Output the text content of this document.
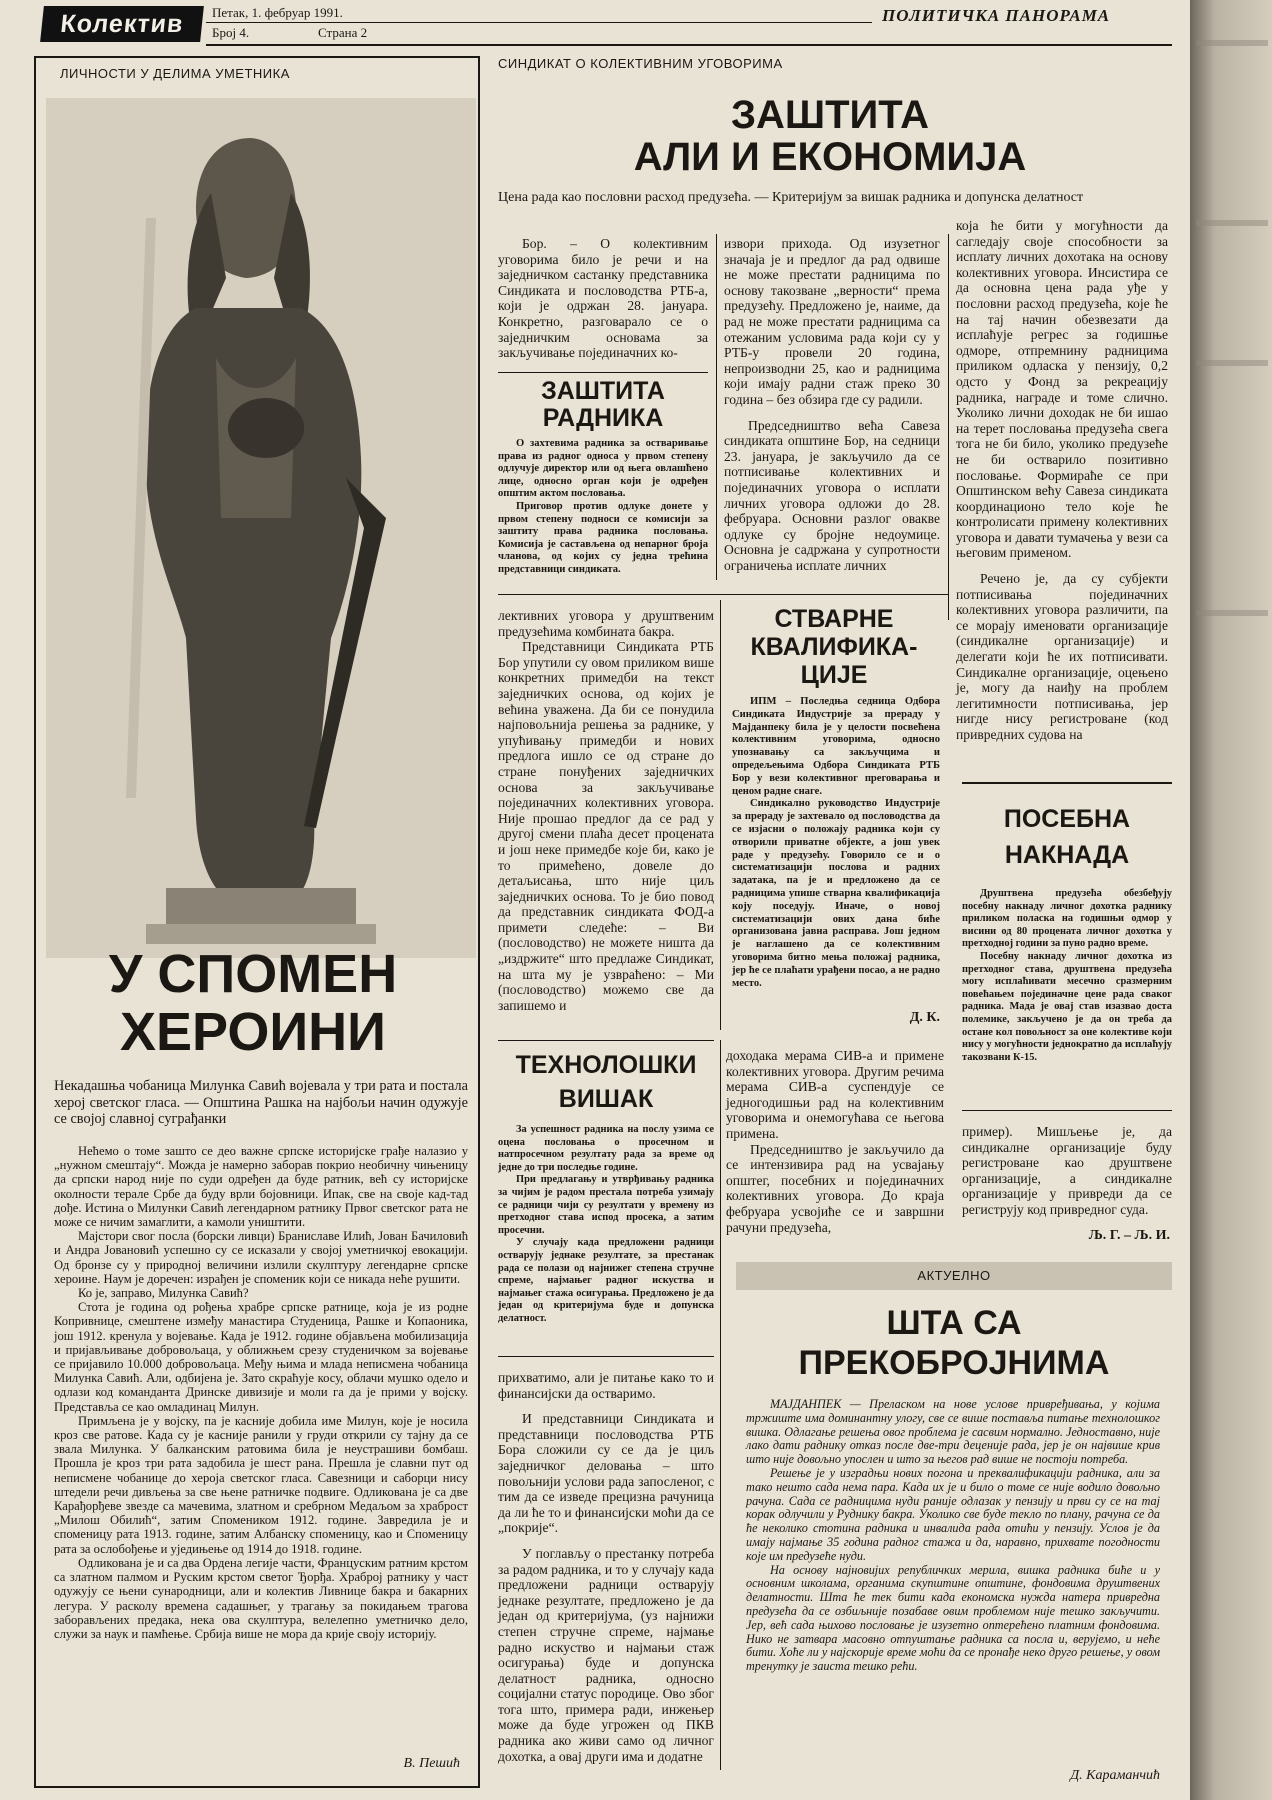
Колектив	Петак, 1. фебруар 1991.
Број 4.	Страна 2
ПОЛИТИЧКА ПАНОРАМА
ЛИЧНОСТИ У ДЕЛИМА УМЕТНИКА
У СПОМЕН
ХЕРОИНИ
Некадашња чобаница Милунка Савић војевала у три рата и постала херој светског гласа. — Општина Рашка на најбољи начин одужује се својој славној суграђанки

Нећемо о томе зашто се део важне српске историјске грађе налазио у „нужном смештају“. Можда је намерно заборав покрио необичну чињеницу да српски народ није по суди одређен да буде ратник, већ су историјске околности терале Србе да буду врли бојовници. Ипак, све на своје кад-тад дође. Истина о Милунки Савић легендарном ратнику Првог светског рата не може се ничим замаглити, а камоли уништити.

Мајстори свог посла (борски ливци) Браниславе Илић, Јован Бачиловић и Андра Јовановић успешно су се исказали у својој уметничкој евокацији. Од бронзе су у природној величини излили скулптуру легендарне српске хероине. Наум је доречен: израђен је споменик који се никада неће рушити.

Ко је, заправо, Милунка Савић?

Стота је година од рођења храбре српске ратнице, која је из родне Копривнице, смештене између манастира Студеница, Рашке и Копаоника, још 1912. кренула у војевање. Када је 1912. године објављена мобилизација и пријављивање добровољаца, у оближњем срезу студеничком за војевање се пријавило 10.000 добровољаца. Међу њима и млада неписмена чобаница Милунка Савић. Али, одбијена је. Зато скраћује косу, облачи мушко одело и одлази код команданта Дринске дивизије и моли га да је прими у војску. Представља се као омладинац Милун.

Примљена је у војску, па је касније добила име Милун, које је носила кроз све ратове. Када су је касније ранили у груди открили су тајну да се звала Милунка. У балканским ратовима била је неустрашиви бомбаш. Прошла је кроз три рата задобила је шест рана. Прешла је славни пут од неписмене чобанице до хероја светског гласа. Савезници и саборци нису штедели речи дивљења за све њене ратничке подвиге. Одликована је са две Карађорђеве звезде са мачевима, златном и сребрном Медаљом за храброст „Милош Обилић“, затим Спомеником 1912. године. Завредила је и споменицу рата 1913. године, затим Албанску споменицу, као и Споменицу рата за ослобођење и уједињење од 1914 до 1918. године.

Одликована је и са два Ордена легије части, Француским ратним крстом са златном палмом и Руским крстом светог Ђорђа. Храброј ратнику у част одужују се њени сународници, али и колектив Ливнице бакра и бакарних легура. У расколу времена садашњег, у трагању за покидањем трагова заборављених предака, нека ова скулптура, велелепно уметничко дело, служи за наук и памћење. Србија више не мора да крије своју историју.

В. Пешић
СИНДИКАТ О КОЛЕКТИВНИМ УГОВОРИМА
ЗАШТИТА
АЛИ И ЕКОНОМИЈА
Цена рада као пословни расход предузећа. — Критеријум за вишак радника и допунска делатност

Бор. – О колективним уговорима било је речи и на заједничком састанку представника Синдиката и пословодства РТБ-а, који је одржан 28. јануара. Конкретно, разговарало се о заједничким основама за закључивање појединачних ко-

ЗАШТИТА
РАДНИКА

О захтевима радника за остваривање права из радног односа у првом степену одлучује директор или од њега овлашћено лице, односно орган који је одређен општим актом пословања.

Приговор против одлуке донете у првом степену подноси се комисији за заштиту права радника пословања. Комисија је састављена од непарног броја чланова, од којих су једна трећина представници синдиката.

извори прихода. Од изузетног значаја је и предлог да рад одвише не може престати радницима по основу такозване „верности“ према предузећу. Предложено је, наиме, да рад не може престати радницима са отежаним условима рада који су у РТБ-у провели 20 година, непроизводни 25, као и радницима који имају радни стаж преко 30 година – без обзира где су радили.

Председништво већа Савеза синдиката општине Бор, на седници 23. јануара, је закључило да се потписивање колективних и појединачних уговора о исплати личних уговора одложи до 28. фебруара. Основни разлог овакве одлуке су бројне недоумице. Основна је садржана у супротности ограничења исплате личних

која ће бити у могућности да сагледају своје способности за исплату личних дохотака на основу колективних уговора. Инсистира се да основна цена рада уђе у пословни расход предузећа, које ће на тај начин обезвезати да исплаћује регрес за годишње одморе, отпремнину радницима приликом одласка у пензију, 0,2 одсто у Фонд за рекреацију радника, награде и томе слично. Уколико лични доходак не би ишао на терет пословања предузећа свега тога не би било, уколико предузеће не би остварило позитивно пословање. Формираће се при Општинском већу Савеза синдиката координационо тело које ће контролисати примену колективних уговора и давати тумачења у вези са његовим применом.

Речено је, да су субјекти потписивања појединачних колективних уговора различити, па се морају именовати организације (синдикалне организације) и делегати који ће их потписивати. Синдикалне организације, оцењено је, могу да наиђу на проблем легитимности потписивања, јер нигде нису регистроване (код привредних судова на

лективних уговора у друштвеним предузећима комбината бакра.

Представници Синдиката РТБ Бор упутили су овом приликом више конкретних примедби на текст заједничких основа, од којих је већина уважена. Да би се понудила најповољнија решења за раднике, у упућивању примедби и нових предлога ишло се од стране до стране понуђених заједничких основа за закључивање појединачних колективних уговора. Није прошао предлог да се рад у другој смени плаћа десет процената и још неке примедбе које би, како је то примећено, довеле до детаљисања, што није циљ заједничких основа. То је био повод да представник синдиката ФОД-а примети следеће: – Ви (пословодство) не можете ништа да „издржите“ што предлаже Синдикат, на шта му је узвраћено: – Ми (пословодство) можемо све да запишемо и

СТВАРНЕ
КВАЛИФИКА-
ЦИЈЕ

ИПМ – Последња седница Одбора Синдиката Индустрије за прераду у Мајданпеку била је у целости посвећена колективним уговорима, односно упознавању са закључцима и опредељењима Одбора Синдиката РТБ Бор у вези колективног преговарања и ценом радне снаге.

Синдикално руководство Индустрије за прераду је захтевало од пословодства да се изјасни о положају радника који су отворили приватне објекте, а још увек раде у предузећу. Говорило се и о систематизацији послова и радних задатака, па је и предложено да се радницима упише стварна квалификација коју поседују. Иначе, о новој систематизацији ових дана биће организована јавна расправа. Још једном је наглашено да се колективним уговорима битно мења положај радника, јер ће се плаћати урађени посао, а не радно место.

Д. К.
ПОСЕБНА
НАКНАДА

Друштвена предузећа обезбеђују посебну накнаду личног дохотка раднику приликом поласка на годишњи одмор у висини од 80 процената личног дохотка у претходној години за пуно радно време.

Посебну накнаду личног дохотка из претходног става, друштвена предузећа могу исплаћивати месечно сразмерним повећањем појединачне цене рада сваког радника. Мада је овај став изазвао доста полемике, закључено је да он треба да остане кол повољност за оне колективе који нису у могућности једнократно да исплаћују такозвани К-15.

пример). Мишљење је, да синдикалне организације буду регистроване као друштвене организације, а синдикалне организације у привреди да се региструју код привредног суда.

Љ. Г. – Љ. И.
ТЕХНОЛОШКИ
ВИШАК

За успешност радника на послу узима се оцена пословања о просечном и натпросечном резултату рада за време од једне до три последње године.

При предлагању и утврђивању радника за чијим је радом престала потреба узимају се радници чији су резултати у времену из претходног става испод просека, а затим просечни.

У случају када предложени радници остварују једнаке резултате, за престанак рада се полази од најнижег степена стручне спреме, најмањег радног искуства и најмањег стажа осигурања. Предложено је да један од критеријума буде и допунска делатност.

доходака мерама СИВ-а и примене колективних уговора. Другим речима мерама СИВ-а суспендује се једногодишњи рад на колективним уговорима и онемогућава се његова примена.

Председништво је закључило да се интензивира рад на усвајању општег, посебних и појединачних колективних уговора. До краја фебруара усвојиће се и завршни рачуни предузећа,

прихватимо, али је питање како то и финансијски да остваримо.

И представници Синдиката и представници пословодства РТБ Бора сложили су се да је циљ заједничког деловања – што повољнији услови рада запосленог, с тим да се изведе прецизна рачуница да ли ће то и финансијски моћи да се „покрије“.

У поглављу о престанку потреба за радом радника, и то у случају када предложени радници остварују једнаке резултате, предложено је да један од критеријума, (уз најнижи степен стручне спреме, најмање радно искуство и најмањи стаж осигурања) буде и допунска делатност радника, односно социјални статус породице. Ово због тога што, примера ради, инжењер може да буде угрожен од ПКВ радника ако живи само од личног дохотка, а овај други има и додатне

АКТУЕЛНО
ШТА СА
ПРЕКОБРОЈНИМА

МАЈДАНПЕК — Преласком на нове услове привређивања, у којима тржиште има доминантну улогу, све се више поставља питање технолошког вишка. Одлагање решења овог проблема је сасвим нормално. Једноставно, није лако дати раднику отказ после две-три деценије рада, јер је он највише крив што није довољно упослен и што за његов рад више не постоји потреба.

Решење је у изградњи нових погона и преквалификацији радника, али за тако нешто сада нема пара. Када их је и било о томе се није водило довољно рачуна. Сада се радницима нуди раније одлазак у пензију и први су се на тај корак одлучили у Руднику бакра. Уколико све буде текло по плану, рачуна се да ће неколико стотина радника и инвалида рада отићи у пензију. Услов је да имају најмање 35 година радног стажа и да, наравно, прихвате погодности које им предузеће нуди.

На основу најновијих републичких мерила, вишка радника биће и у основним школама, органима скупштине општине, фондовима друштвених делатности. Шта ће тек бити када економска нужда натера привредна предузећа да се озбиљније позабаве овим проблемом није тешко закључити. Јер, већ сада њихово пословање је изузетно оптерећено платним фондовима. Нико не затвара масовно отпуштање радника са посла и, верујемо, и неће бити. Хоће ли у најскорије време моћи да се пронађе неко друго решење, у овом тренутку је заиста тешко рећи.

Д. Караманчић
